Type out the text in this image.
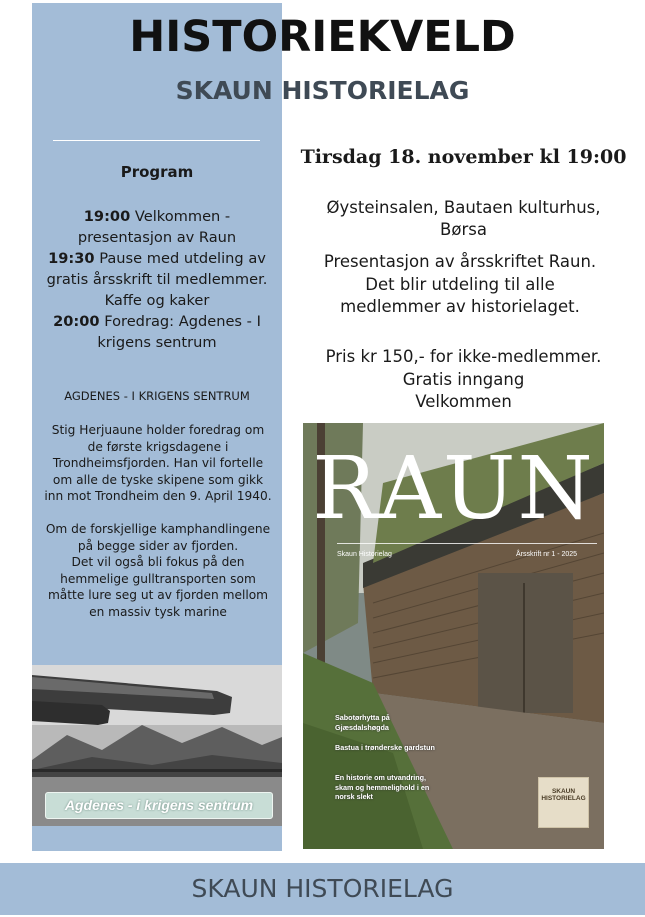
HISTORIEKVELD
SKAUN HISTORIELAG
Program
19:00 Velkommen - presentasjon av Raun
19:30 Pause med utdeling av gratis årsskrift til medlemmer. Kaffe og kaker
20:00 Foredrag: Agdenes - I krigens sentrum
AGDENES - I KRIGENS SENTRUM

Stig Herjuaune holder foredrag om de første krigsdagene i Trondheimsfjorden. Han vil fortelle om alle de tyske skipene som gikk inn mot Trondheim den 9. April 1940.

Om de forskjellige kamphandlingene på begge sider av fjorden.
Det vil også bli fokus på den hemmelige gulltransporten som måtte lure seg ut av fjorden mellom en massiv tysk marine

Agdenes - i krigens sentrum
Tirsdag 18. november kl 19:00
Øysteinsalen, Bautaen kulturhus,
Børsa
Presentasjon av årsskriftet Raun.
Det blir utdeling til alle
medlemmer av historielaget.
Pris kr 150,- for ikke-medlemmer.
Gratis inngang
Velkommen
RAUN
Skaun Historielag	Årsskrift nr 1 - 2025
Sabotørhytta på Gjæsdalshøgda
Bastua i trønderske gardstun
En historie om utvandring, skam og hemmelighold i en norsk slekt
SKAUN
HISTORIELAG
SKAUN HISTORIELAG
